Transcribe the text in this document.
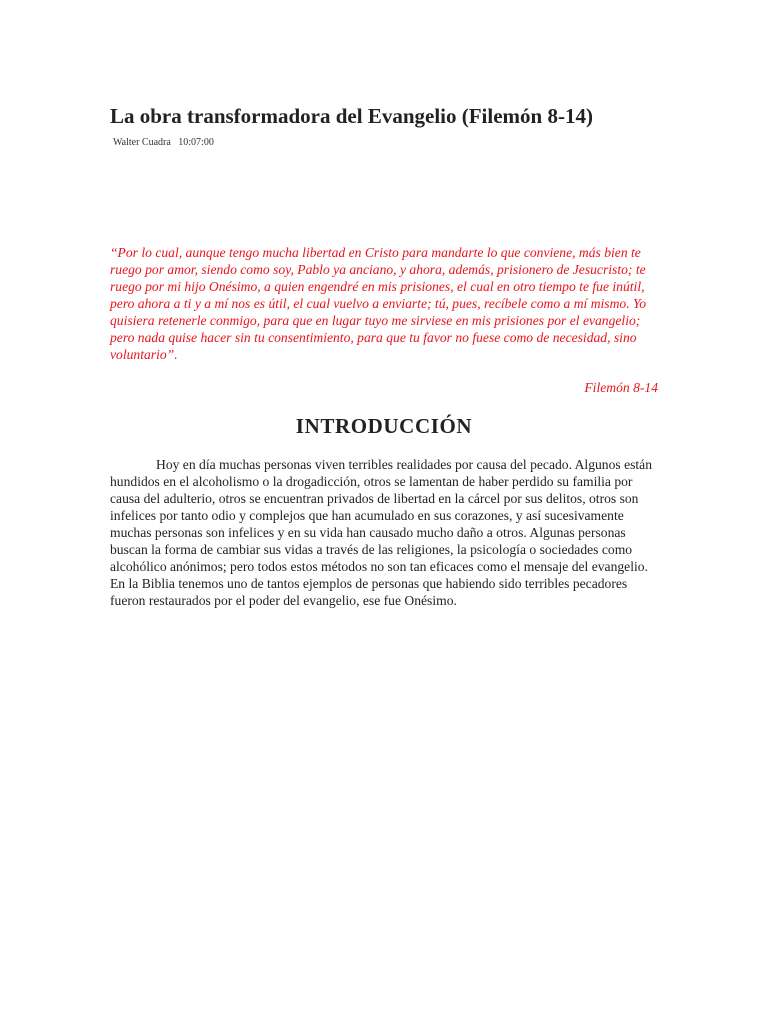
La obra transformadora del Evangelio (Filemón 8-14)
Walter Cuadra 10:07:00

“Por lo cual, aunque tengo mucha libertad en Cristo para mandarte lo que conviene, más bien te ruego por amor, siendo como soy, Pablo ya anciano, y ahora, además, prisionero de Jesucristo; te ruego por mi hijo Onésimo, a quien engendré en mis prisiones, el cual en otro tiempo te fue inútil, pero ahora a ti y a mí nos es útil, el cual vuelvo a enviarte; tú, pues, recíbele como a mí mismo. Yo quisiera retenerle conmigo, para que en lugar tuyo me sirviese en mis prisiones por el evangelio; pero nada quise hacer sin tu consentimiento, para que tu favor no fuese como de necesidad, sino voluntario”.

Filemón 8-14
INTRODUCCIÓN

Hoy en día muchas personas viven terribles realidades por causa del pecado. Algunos están hundidos en el alcoholismo o la drogadicción, otros se lamentan de haber perdido su familia por causa del adulterio, otros se encuentran privados de libertad en la cárcel por sus delitos, otros son infelices por tanto odio y complejos que han acumulado en sus corazones, y así sucesivamente muchas personas son infelices y en su vida han causado mucho daño a otros. Algunas personas buscan la forma de cambiar sus vidas a través de las religiones, la psicología o sociedades como alcohólico anónimos; pero todos estos métodos no son tan eficaces como el mensaje del evangelio. En la Biblia tenemos uno de tantos ejemplos de personas que habiendo sido terribles pecadores fueron restaurados por el poder del evangelio, ese fue Onésimo.
